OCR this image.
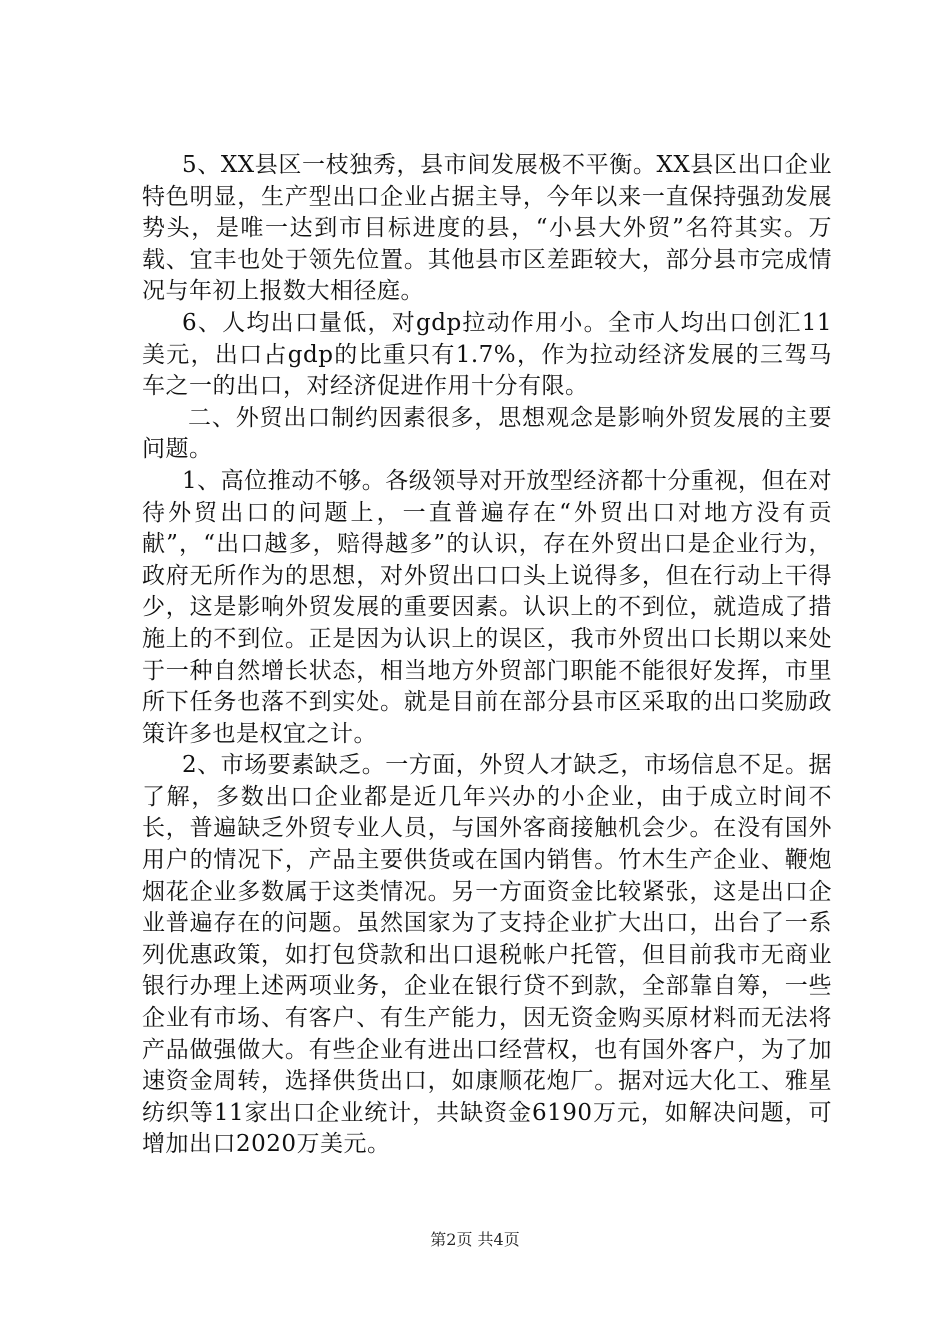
5、XX县区一枝独秀，县市间发展极不平衡。XX县区出口企业特色明显，生产型出口企业占据主导，今年以来一直保持强劲发展势头，是唯一达到市目标进度的县，“小县大外贸”名符其实。万载、宜丰也处于领先位置。其他县市区差距较大，部分县市完成情况与年初上报数大相径庭。

6、人均出口量低，对gdp拉动作用小。全市人均出口创汇11美元，出口占gdp的比重只有1.7%，作为拉动经济发展的三驾马车之一的出口，对经济促进作用十分有限。

二、外贸出口制约因素很多，思想观念是影响外贸发展的主要问题。

1、高位推动不够。各级领导对开放型经济都十分重视，但在对待外贸出口的问题上，一直普遍存在“外贸出口对地方没有贡献”，“出口越多，赔得越多”的认识，存在外贸出口是企业行为，政府无所作为的思想，对外贸出口口头上说得多，但在行动上干得少，这是影响外贸发展的重要因素。认识上的不到位，就造成了措施上的不到位。正是因为认识上的误区，我市外贸出口长期以来处于一种自然增长状态，相当地方外贸部门职能不能很好发挥，市里所下任务也落不到实处。就是目前在部分县市区采取的出口奖励政策许多也是权宜之计。

2、市场要素缺乏。一方面，外贸人才缺乏，市场信息不足。据了解，多数出口企业都是近几年兴办的小企业，由于成立时间不长，普遍缺乏外贸专业人员，与国外客商接触机会少。在没有国外用户的情况下，产品主要供货或在国内销售。竹木生产企业、鞭炮烟花企业多数属于这类情况。另一方面资金比较紧张，这是出口企业普遍存在的问题。虽然国家为了支持企业扩大出口，出台了一系列优惠政策，如打包贷款和出口退税帐户托管，但目前我市无商业银行办理上述两项业务，企业在银行贷不到款，全部靠自筹，一些企业有市场、有客户、有生产能力，因无资金购买原材料而无法将产品做强做大。有些企业有进出口经营权，也有国外客户，为了加速资金周转，选择供货出口，如康顺花炮厂。据对远大化工、雅星纺织等11家出口企业统计，共缺资金6190万元，如解决问题，可增加出口2020万美元。

第2页 共4页
